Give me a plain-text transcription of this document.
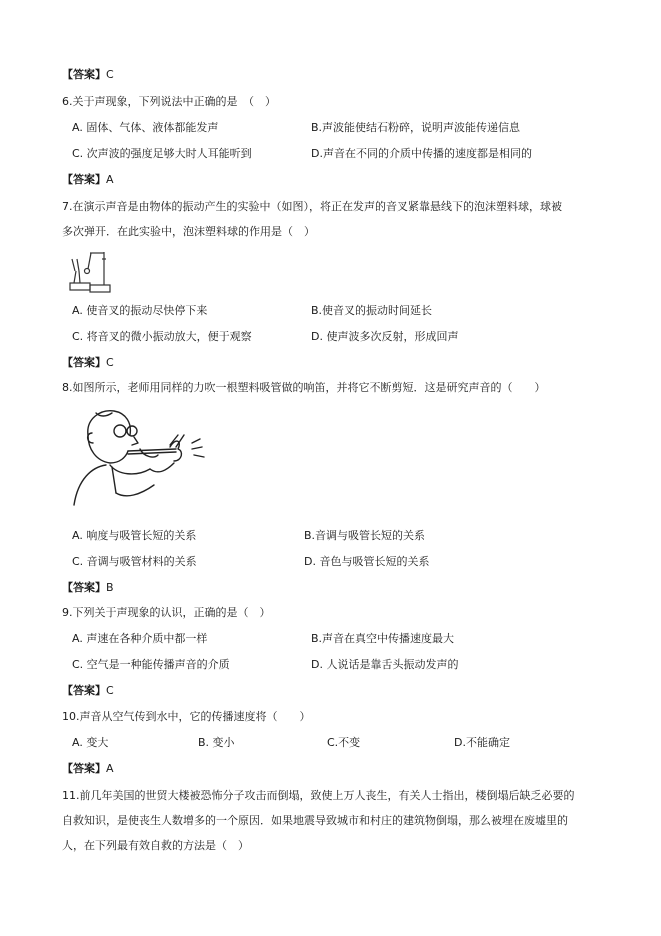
【答案】C
6.关于声现象，下列说法中正确的是　（　）
A. 固体、气体、液体都能发声	B.声波能使结石粉碎，说明声波能传递信息
C. 次声波的强度足够大时人耳能听到	D.声音在不同的介质中传播的速度都是相同的
【答案】A
7.在演示声音是由物体的振动产生的实验中（如图），将正在发声的音叉紧靠悬线下的泡沫塑料球，球被
多次弹开．在此实验中，泡沫塑料球的作用是（　）
A. 使音叉的振动尽快停下来	B.使音叉的振动时间延长
C. 将音叉的微小振动放大，便于观察	D. 使声波多次反射，形成回声
【答案】C
8.如图所示，老师用同样的力吹一根塑料吸管做的响笛，并将它不断剪短．这是研究声音的（　　）
A. 响度与吸管长短的关系	B.音调与吸管长短的关系
C. 音调与吸管材料的关系	D. 音色与吸管长短的关系
【答案】B
9.下列关于声现象的认识，正确的是（　）
A. 声速在各种介质中都一样	B.声音在真空中传播速度最大
C. 空气是一种能传播声音的介质	D. 人说话是靠舌头振动发声的
【答案】C
10.声音从空气传到水中，它的传播速度将（　　）
A. 变大	B. 变小	C.不变	D.不能确定
【答案】A
11.前几年美国的世贸大楼被恐怖分子攻击而倒塌，致使上万人丧生，有关人士指出，楼倒塌后缺乏必要的
自救知识，是使丧生人数增多的一个原因．如果地震导致城市和村庄的建筑物倒塌，那么被埋在废墟里的
人，在下列最有效自救的方法是（　）
